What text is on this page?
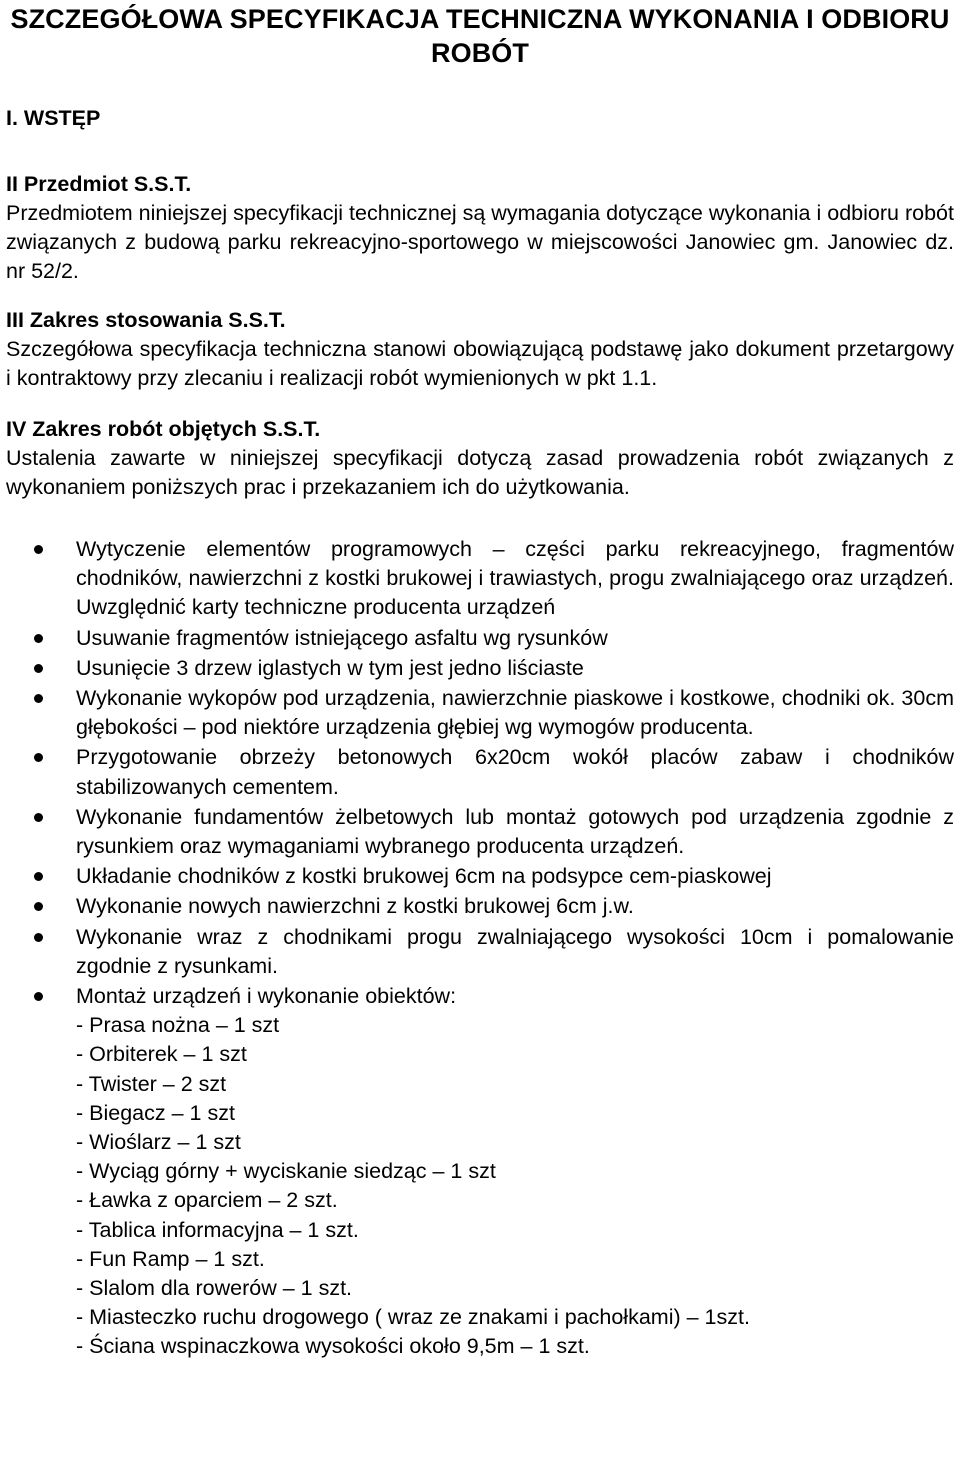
SZCZEGÓŁOWA SPECYFIKACJA TECHNICZNA WYKONANIA I ODBIORU ROBÓT

I. WSTĘP

II Przedmiot S.S.T.

Przedmiotem niniejszej specyfikacji technicznej są wymagania dotyczące wykonania i odbioru robót związanych z budową parku rekreacyjno-sportowego w miejscowości Janowiec gm. Janowiec dz. nr 52/2.

III Zakres stosowania S.S.T.

Szczegółowa specyfikacja techniczna stanowi obowiązującą podstawę jako dokument przetargowy i kontraktowy przy zlecaniu i realizacji robót wymienionych w pkt 1.1.

IV Zakres robót objętych S.S.T.

Ustalenia zawarte w niniejszej specyfikacji dotyczą zasad prowadzenia robót związanych z wykonaniem poniższych prac i przekazaniem ich do użytkowania.

Wytyczenie elementów programowych – części parku rekreacyjnego, fragmentów chodników, nawierzchni z kostki brukowej i trawiastych, progu zwalniającego oraz urządzeń. Uwzględnić karty techniczne producenta urządzeń
Usuwanie fragmentów istniejącego asfaltu wg rysunków
Usunięcie 3 drzew iglastych w tym jest jedno liściaste
Wykonanie wykopów pod urządzenia, nawierzchnie piaskowe i kostkowe, chodniki ok. 30cm głębokości – pod niektóre urządzenia głębiej wg wymogów producenta.
Przygotowanie obrzeży betonowych 6x20cm wokół placów zabaw i chodników stabilizowanych cementem.
Wykonanie fundamentów żelbetowych lub montaż gotowych pod urządzenia zgodnie z rysunkiem oraz wymaganiami wybranego producenta urządzeń.
Układanie chodników z kostki brukowej 6cm na podsypce cem-piaskowej
Wykonanie nowych nawierzchni z kostki brukowej 6cm j.w.
Wykonanie wraz z chodnikami progu zwalniającego wysokości 10cm i pomalowanie zgodnie z rysunkami.
Montaż urządzeń i wykonanie obiektów:
- Prasa nożna – 1 szt
- Orbiterek – 1 szt
- Twister – 2 szt
- Biegacz – 1 szt
- Wioślarz – 1 szt
- Wyciąg górny + wyciskanie siedząc – 1 szt
- Ławka z oparciem – 2 szt.
- Tablica informacyjna – 1 szt.
- Fun Ramp – 1 szt.
- Slalom dla rowerów – 1 szt.
- Miasteczko ruchu drogowego ( wraz ze znakami i pachołkami) – 1szt.
- Ściana wspinaczkowa wysokości około 9,5m – 1 szt.
